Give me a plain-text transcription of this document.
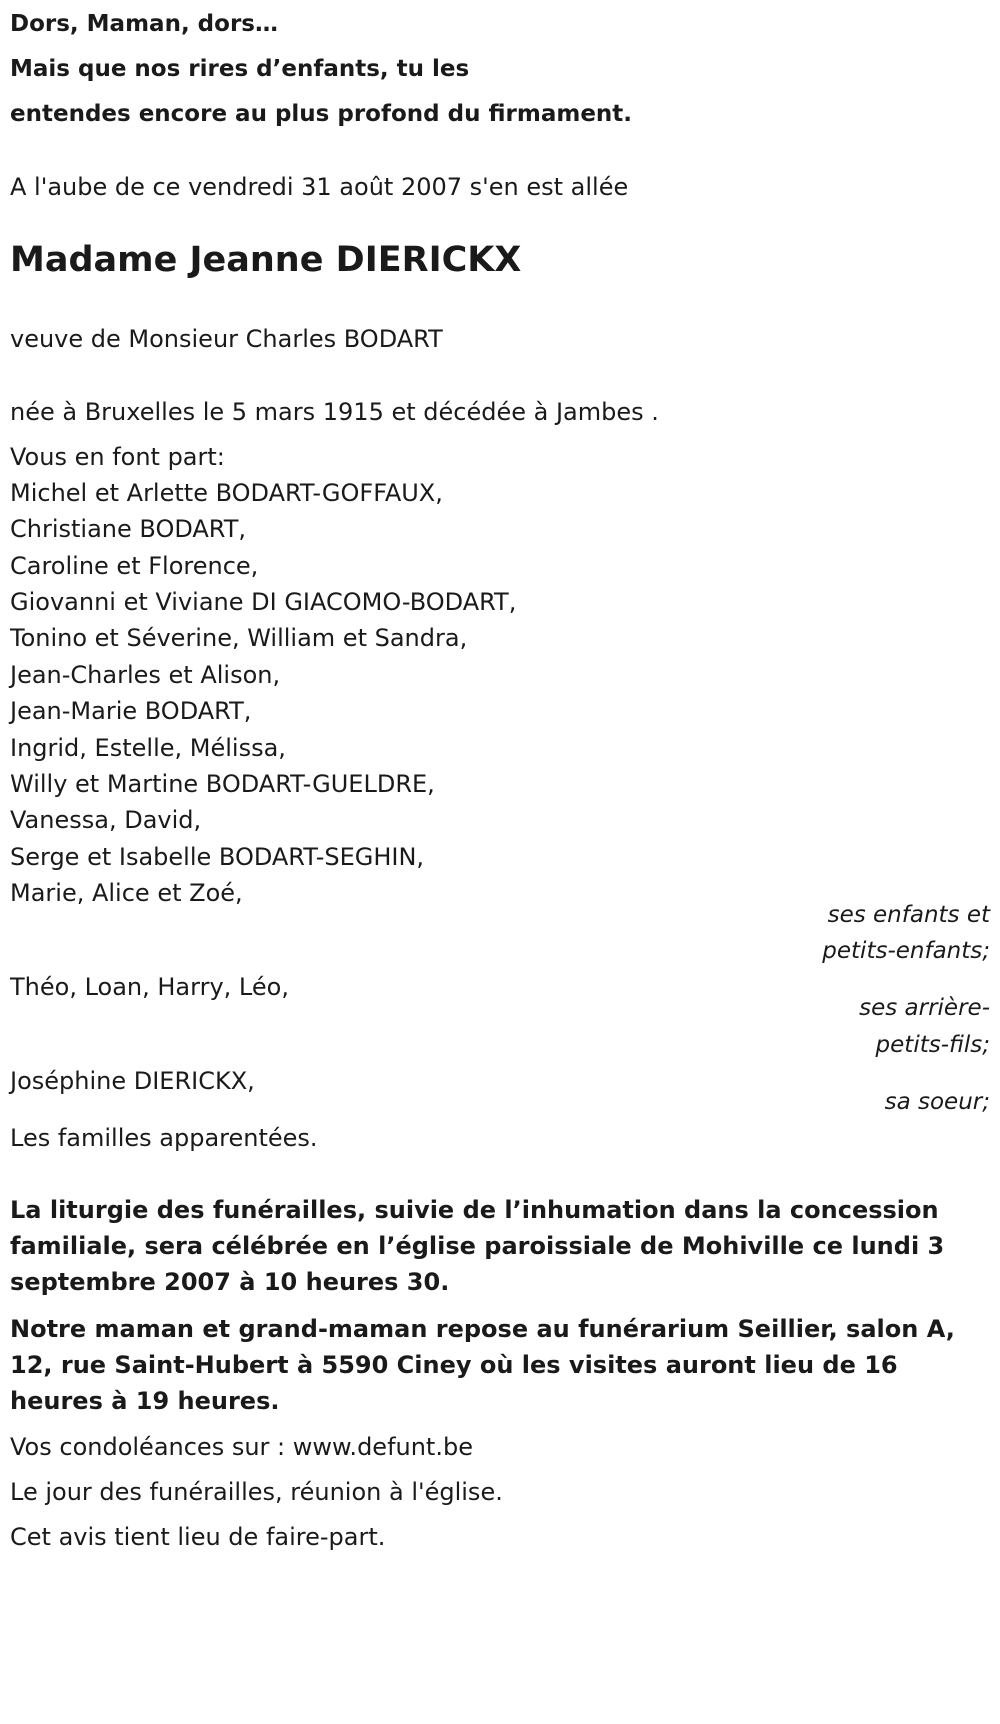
Dors, Maman, dors…
Mais que nos rires d’enfants, tu les
entendes encore au plus profond du firmament.
A l'aube de ce vendredi 31 août 2007 s'en est allée
Madame Jeanne DIERICKX
veuve de Monsieur Charles BODART
née à Bruxelles le 5 mars 1915 et décédée à Jambes .
Vous en font part:
Michel et Arlette BODART-GOFFAUX,
Christiane BODART,
Caroline et Florence,
Giovanni et Viviane DI GIACOMO-BODART,
Tonino et Séverine, William et Sandra,
Jean-Charles et Alison,
Jean-Marie BODART,
Ingrid, Estelle, Mélissa,
Willy et Martine BODART-GUELDRE,
Vanessa, David,
Serge et Isabelle BODART-SEGHIN,
Marie, Alice et Zoé,
ses enfants et
petits-enfants;
Théo, Loan, Harry, Léo,
ses arrière-
petits-fils;
Joséphine DIERICKX,
sa soeur;
Les familles apparentées.
La liturgie des funérailles, suivie de l’inhumation dans la concession
familiale, sera célébrée en l’église paroissiale de Mohiville ce lundi 3
septembre 2007 à 10 heures 30.
Notre maman et grand-maman repose au funérarium Seillier, salon A,
12, rue Saint-Hubert à 5590 Ciney où les visites auront lieu de 16
heures à 19 heures.
Vos condoléances sur : www.defunt.be
Le jour des funérailles, réunion à l'église.
Cet avis tient lieu de faire-part.
